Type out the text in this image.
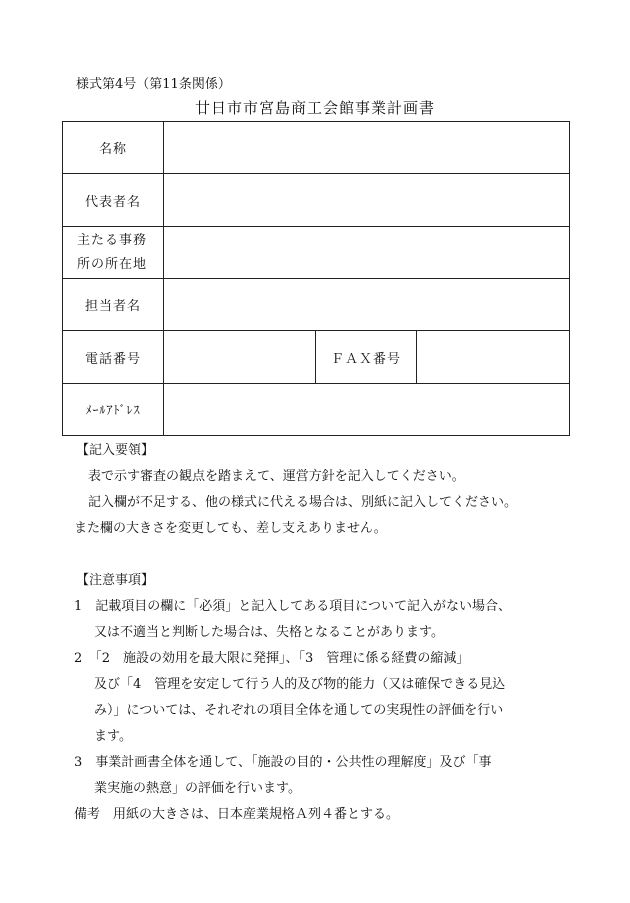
様式第4号（第11条関係）
廿日市市宮島商工会館事業計画書
名称			
代表者名			

主たる事務
所の所在地			

担当者名			
電話番号		ＦＡＸ番号	
ﾒｰﾙｱﾄﾞﾚｽ			

【記入要領】

表で示す審査の観点を踏まえて、運営方針を記入してください。

記入欄が不足する、他の様式に代える場合は、別紙に記入してください。

また欄の大きさを変更しても、差し支えありません。

【注意事項】

1　記載項目の欄に「必須」と記入してある項目について記入がない場合、

又は不適当と判断した場合は、失格となることがあります。

2　「2　施設の効用を最大限に発揮」、「3　管理に係る経費の縮減」

及び「4　管理を安定して行う人的及び物的能力（又は確保できる見込

み）」については、それぞれの項目全体を通しての実現性の評価を行い

ます。

3　事業計画書全体を通して、「施設の目的・公共性の理解度」及び「事

業実施の熱意」の評価を行います。

備考　用紙の大きさは、日本産業規格Ａ列４番とする。
